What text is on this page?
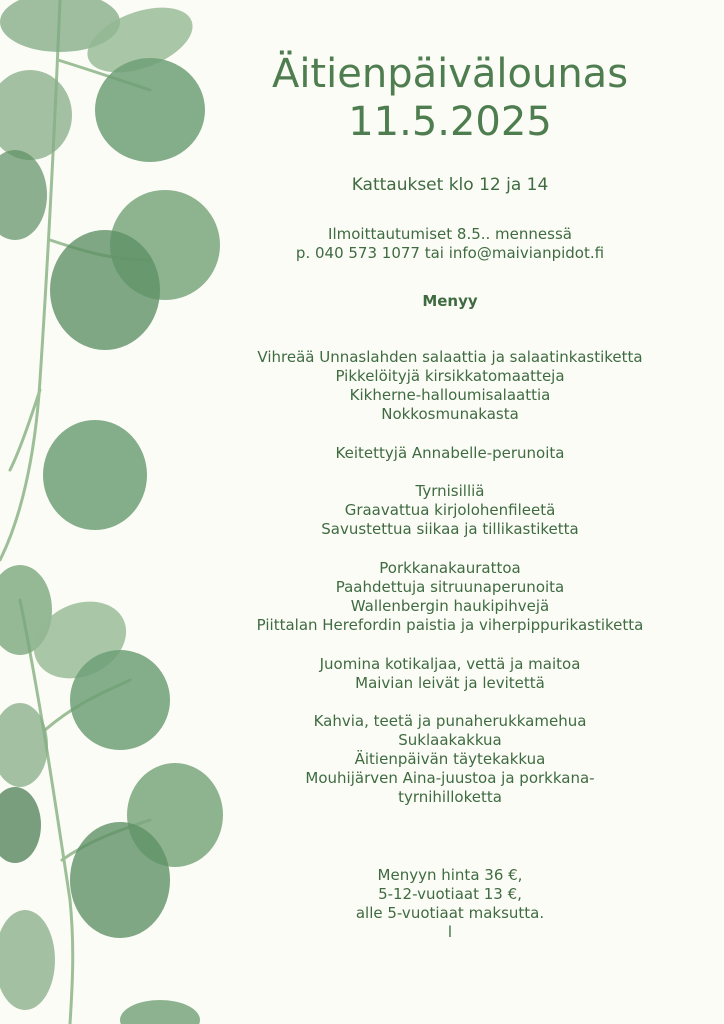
Äitienpäivälounas
11.5.2025
Kattaukset klo 12 ja 14
Ilmoittautumiset 8.5.. mennessä
p. 040 573 1077 tai info@maivianpidot.fi
Menyy
Vihreää Unnaslahden salaattia ja salaatinkastiketta
Pikkelöityjä kirsikkatomaatteja
Kikherne-halloumisalaattia
Nokkosmunakasta
Keitettyjä Annabelle-perunoita
Tyrnisilliä
Graavattua kirjolohenfileetä
Savustettua siikaa ja tillikastiketta
Porkkanakaurattoa
Paahdettuja sitruunaperunoita
Wallenbergin haukipihvejä
Piittalan Herefordin paistia ja viherpippurikastiketta
Juomina kotikaljaa, vettä ja maitoa
Maivian leivät ja levitettä
Kahvia, teetä ja punaherukkamehua
Suklaakakkua
Äitienpäivän täytekakkua
Mouhijärven Aina-juustoa ja porkkana-
tyrnihilloketta
Menyyn hinta 36 €,
5-12-vuotiaat 13 €,
alle 5-vuotiaat maksutta.
l
